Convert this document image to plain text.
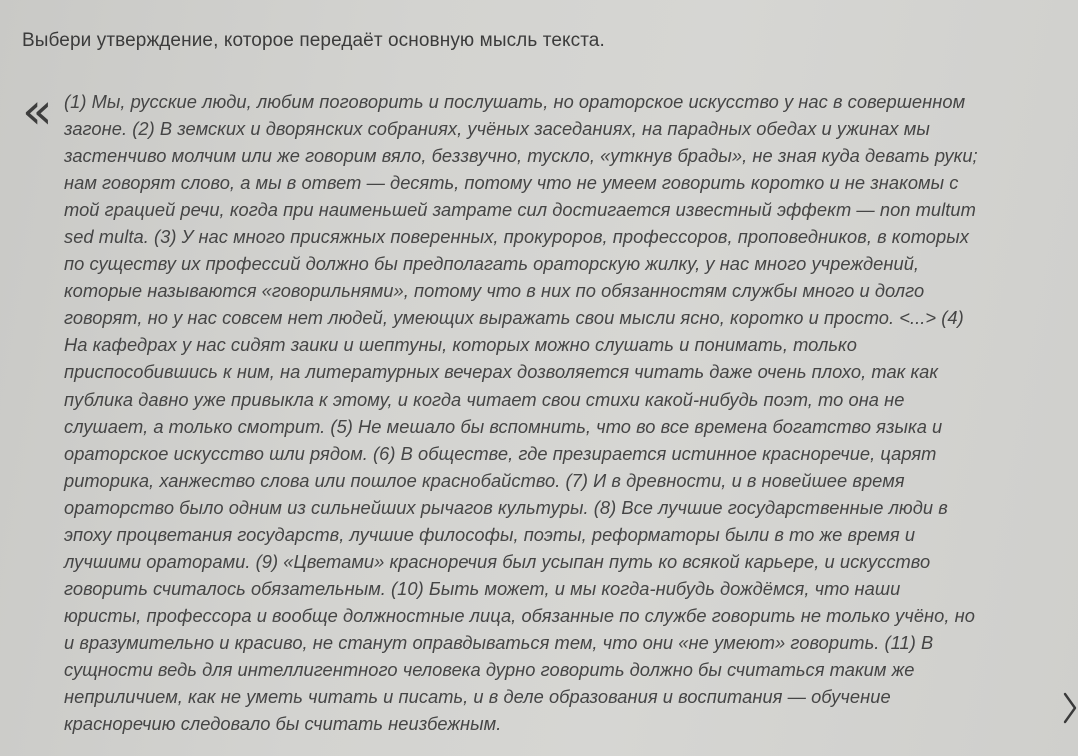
Выбери утверждение, которое передаёт основную мысль текста.
« (1) Мы, русские люди, любим поговорить и послушать, но ораторское искусство у нас в совершенном
загоне. (2) В земских и дворянских собраниях, учёных заседаниях, на парадных обедах и ужинах мы
застенчиво молчим или же говорим вяло, беззвучно, тускло, «уткнув брады», не зная куда девать руки;
нам говорят слово, а мы в ответ — десять, потому что не умеем говорить коротко и не знакомы с
той грацией речи, когда при наименьшей затрате сил достигается известный эффект — non multum
sed multa. (3) У нас много присяжных поверенных, прокуроров, профессоров, проповедников, в которых
по существу их профессий должно бы предполагать ораторскую жилку, у нас много учреждений,
которые называются «говорильнями», потому что в них по обязанностям службы много и долго
говорят, но у нас совсем нет людей, умеющих выражать свои мысли ясно, коротко и просто. <...> (4)
На кафедрах у нас сидят заики и шептуны, которых можно слушать и понимать, только
приспособившись к ним, на литературных вечерах дозволяется читать даже очень плохо, так как
публика давно уже привыкла к этому, и когда читает свои стихи какой-нибудь поэт, то она не
слушает, а только смотрит. (5) Не мешало бы вспомнить, что во все времена богатство языка и
ораторское искусство шли рядом. (6) В обществе, где презирается истинное красноречие, царят
риторика, ханжество слова или пошлое краснобайство. (7) И в древности, и в новейшее время
ораторство было одним из сильнейших рычагов культуры. (8) Все лучшие государственные люди в
эпоху процветания государств, лучшие философы, поэты, реформаторы были в то же время и
лучшими ораторами. (9) «Цветами» красноречия был усыпан путь ко всякой карьере, и искусство
говорить считалось обязательным. (10) Быть может, и мы когда-нибудь дождёмся, что наши
юристы, профессора и вообще должностные лица, обязанные по службе говорить не только учёно, но
и вразумительно и красиво, не станут оправдываться тем, что они «не умеют» говорить. (11) В
сущности ведь для интеллигентного человека дурно говорить должно бы считаться таким же
неприличием, как не уметь читать и писать, и в деле образования и воспитания — обучение
красноречию следовало бы считать неизбежным.
